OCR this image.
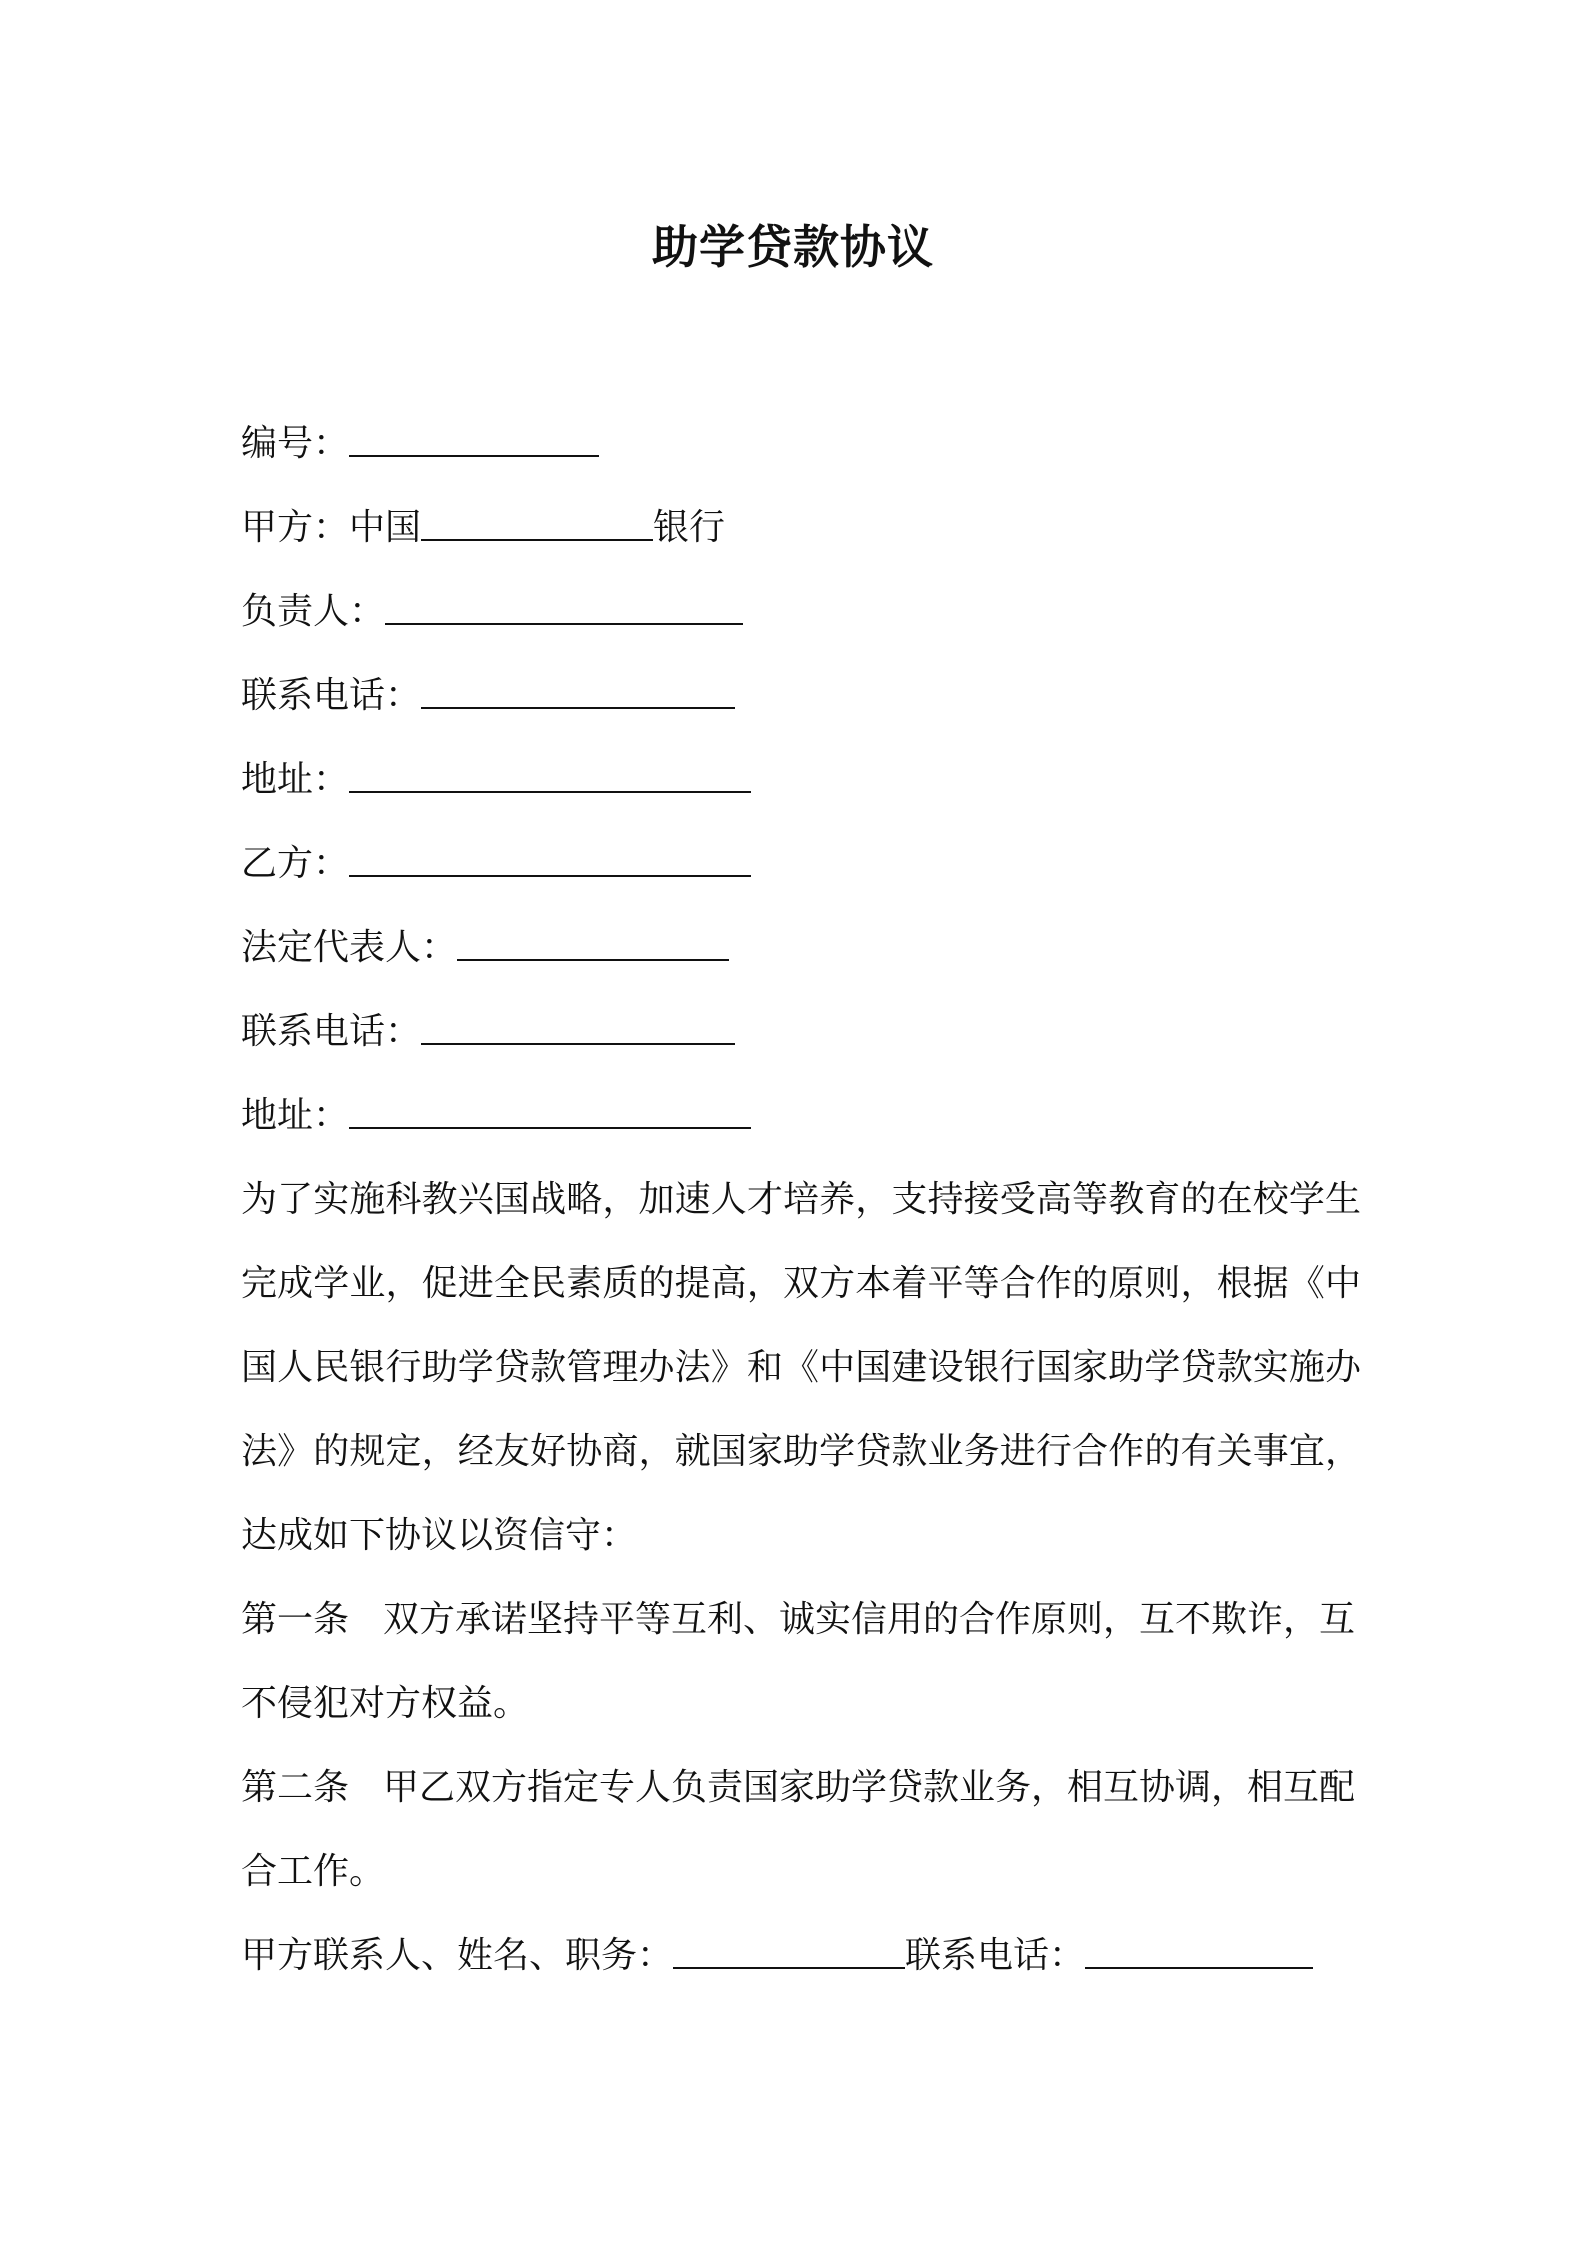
助学贷款协议
编号：
甲方：中国	银行
负责人：
联系电话：
地址：
乙方：
法定代表人：
联系电话：
地址：

为了实施科教兴国战略，加速人才培养，支持接受高等教育的在校学生完成学业，促进全民素质的提高，双方本着平等合作的原则，根据《中国人民银行助学贷款管理办法》和《中国建设银行国家助学贷款实施办法》的规定，经友好协商，就国家助学贷款业务进行合作的有关事宜，达成如下协议以资信守：

第一条 双方承诺坚持平等互利、诚实信用的合作原则，互不欺诈，互不侵犯对方权益。

第二条 甲乙双方指定专人负责国家助学贷款业务，相互协调，相互配合工作。

甲方联系人、姓名、职务：	联系电话：
